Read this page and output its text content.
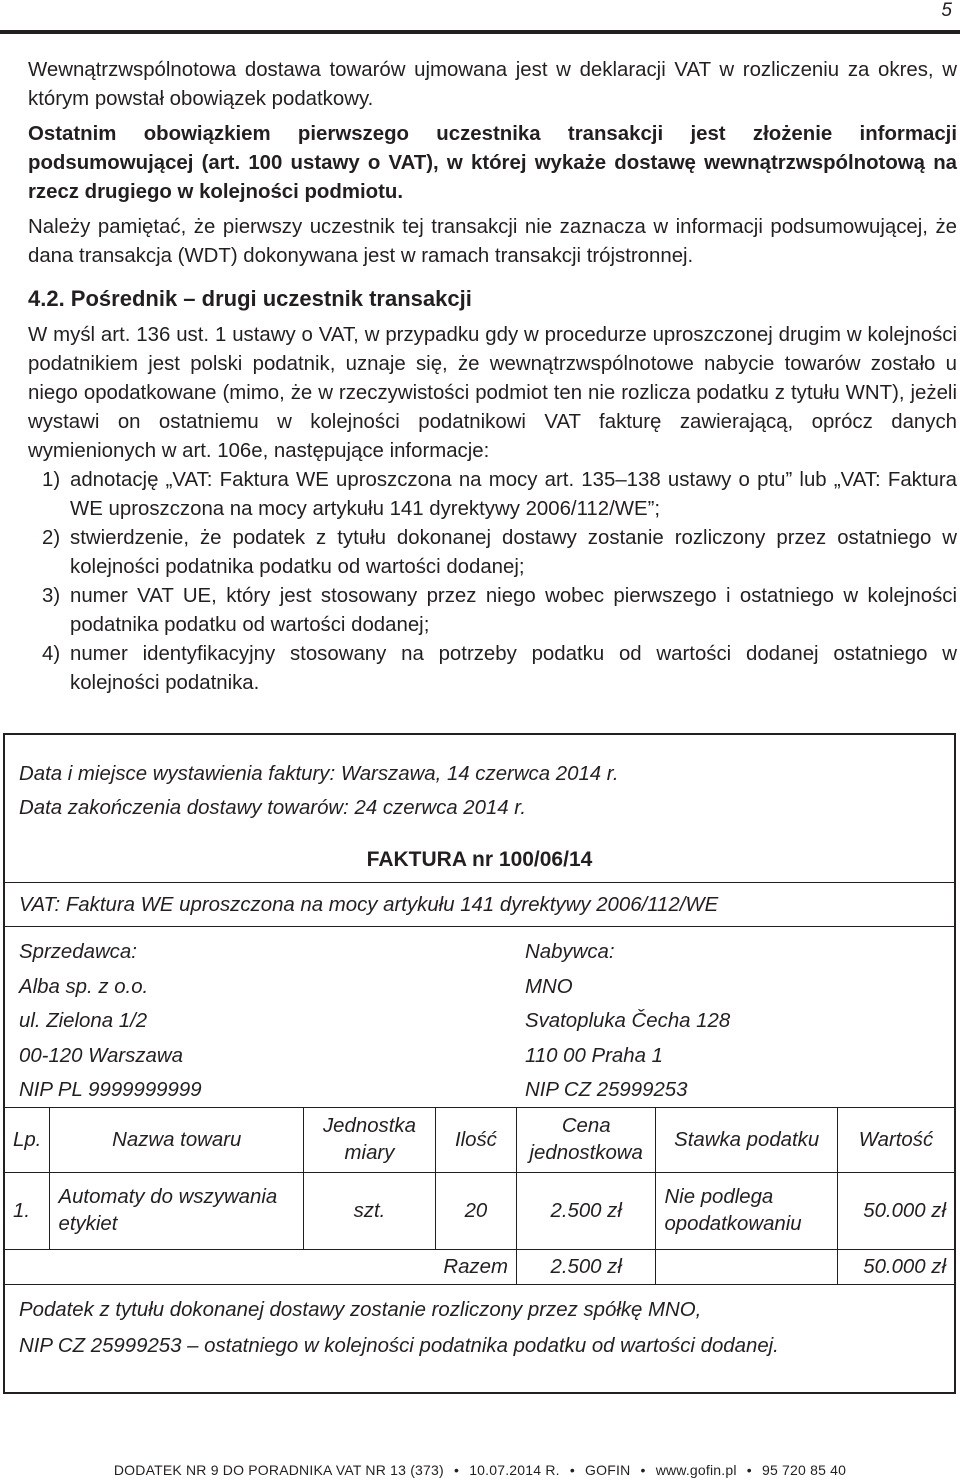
5

Wewnątrzwspólnotowa dostawa towarów ujmowana jest w deklaracji VAT w rozliczeniu za okres, w którym powstał obowiązek podatkowy.

Ostatnim obowiązkiem pierwszego uczestnika transakcji jest złożenie informacji podsumowującej (art. 100 ustawy o VAT), w której wykaże dostawę wewnątrzwspólnotową na rzecz drugiego w kolejności podmiotu.

Należy pamiętać, że pierwszy uczestnik tej transakcji nie zaznacza w informacji podsumowującej, że dana transakcja (WDT) dokonywana jest w ramach transakcji trójstronnej.

4.2. Pośrednik – drugi uczestnik transakcji

W myśl art. 136 ust. 1 ustawy o VAT, w przypadku gdy w procedurze uproszczonej drugim w kolejności podatnikiem jest polski podatnik, uznaje się, że wewnątrzwspólnotowe nabycie towarów zostało u niego opodatkowane (mimo, że w rzeczywistości podmiot ten nie rozlicza podatku z tytułu WNT), jeżeli wystawi on ostatniemu w kolejności podatnikowi VAT fakturę zawierającą, oprócz danych wymienionych w art. 106e, następujące informacje:

1) adnotację „VAT: Faktura WE uproszczona na mocy art. 135–138 ustawy o ptu” lub „VAT: Faktura WE uproszczona na mocy artykułu 141 dyrektywy 2006/112/WE”;
2) stwierdzenie, że podatek z tytułu dokonanej dostawy zostanie rozliczony przez ostatniego w kolejności podatnika podatku od wartości dodanej;
3) numer VAT UE, który jest stosowany przez niego wobec pierwszego i ostatniego w kolejności podatnika podatku od wartości dodanej;
4) numer identyfikacyjny stosowany na potrzeby podatku od wartości dodanej ostatniego w kolejności podatnika.
Data i miejsce wystawienia faktury: Warszawa, 14 czerwca 2014 r.
Data zakończenia dostawy towarów: 24 czerwca 2014 r.
FAKTURA nr 100/06/14
VAT: Faktura WE uproszczona na mocy artykułu 141 dyrektywy 2006/112/WE
Sprzedawca:
Alba sp. z o.o.
ul. Zielona 1/2
00-120 Warszawa
NIP PL 9999999999
Nabywca:
MNO
Svatopluka Čecha 128
110 00 Praha 1
NIP CZ 25999253
Lp.	Nazwa towaru	Jednostka miary	Ilość	Cena jednostkowa	Stawka podatku	Wartość
1.	Automaty do wszywania etykiet	szt.	20	2.500 zł	Nie podlega opodatkowaniu	50.000 zł
			Razem	2.500 zł		50.000 zł
Podatek z tytułu dokonanej dostawy zostanie rozliczony przez spółkę MNO,
NIP CZ 25999253 – ostatniego w kolejności podatnika podatku od wartości dodanej.
DODATEK NR 9 DO PORADNIKA VAT NR 13 (373) • 10.07.2014 R. • GOFIN • www.gofin.pl • 95 720 85 40
